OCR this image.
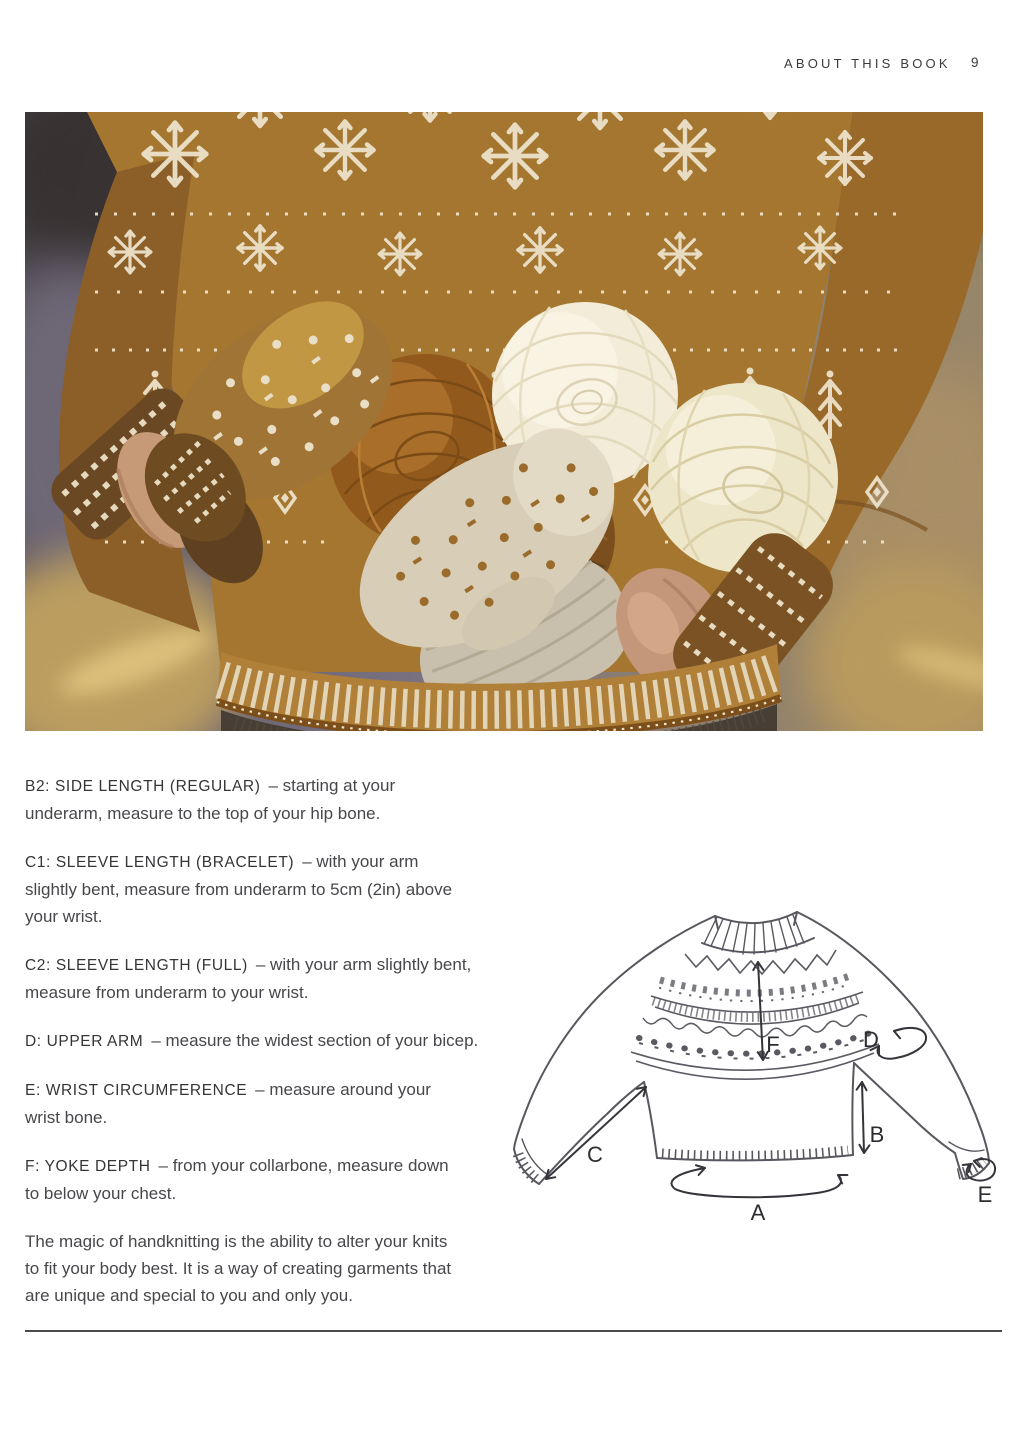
ABOUT THIS BOOK 9
B2: SIDE LENGTH (REGULAR) – starting at your
underarm, measure to the top of your hip bone.
C1: SLEEVE LENGTH (BRACELET) – with your arm
slightly bent, measure from underarm to 5cm (2in) above
your wrist.
C2: SLEEVE LENGTH (FULL) – with your arm slightly bent,
measure from underarm to your wrist.
D: UPPER ARM – measure the widest section of your bicep.
E: WRIST CIRCUMFERENCE – measure around your
wrist bone.
F: YOKE DEPTH – from your collarbone, measure down
to below your chest.
The magic of handknitting is the ability to alter your knits
to fit your body best. It is a way of creating garments that
are unique and special to you and only you.
A
B
C
D
E
F
